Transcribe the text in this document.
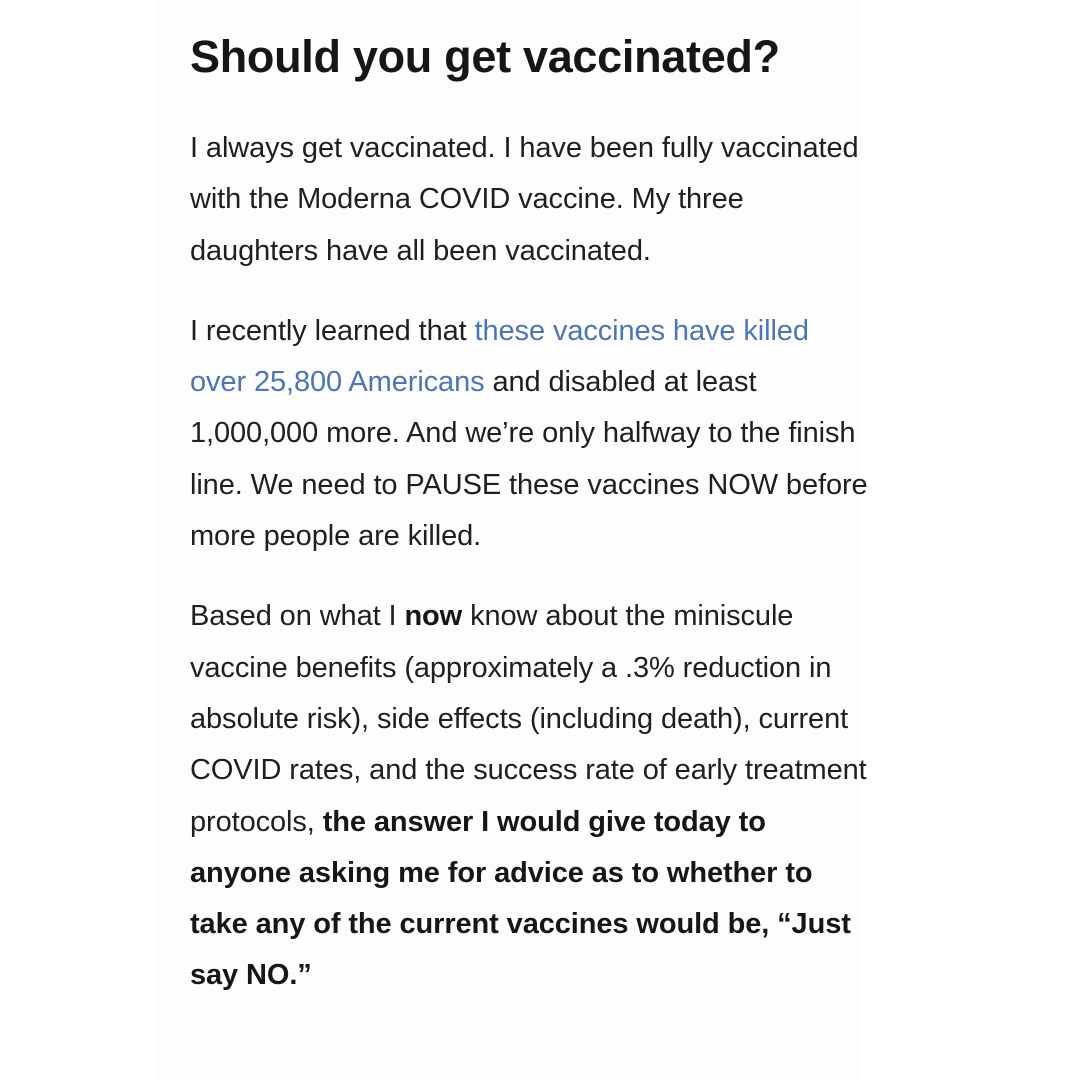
Should you get vaccinated?

I always get vaccinated. I have been fully vaccinated with the Moderna COVID vaccine. My three daughters have all been vaccinated.

I recently learned that these vaccines have killed over 25,800 Americans and disabled at least 1,000,000 more. And we’re only halfway to the finish line. We need to PAUSE these vaccines NOW before more people are killed.

Based on what I now know about the miniscule vaccine benefits (approximately a .3% reduction in absolute risk), side effects (including death), current COVID rates, and the success rate of early treatment protocols, the answer I would give today to anyone asking me for advice as to whether to take any of the current vaccines would be, “Just say NO.”
